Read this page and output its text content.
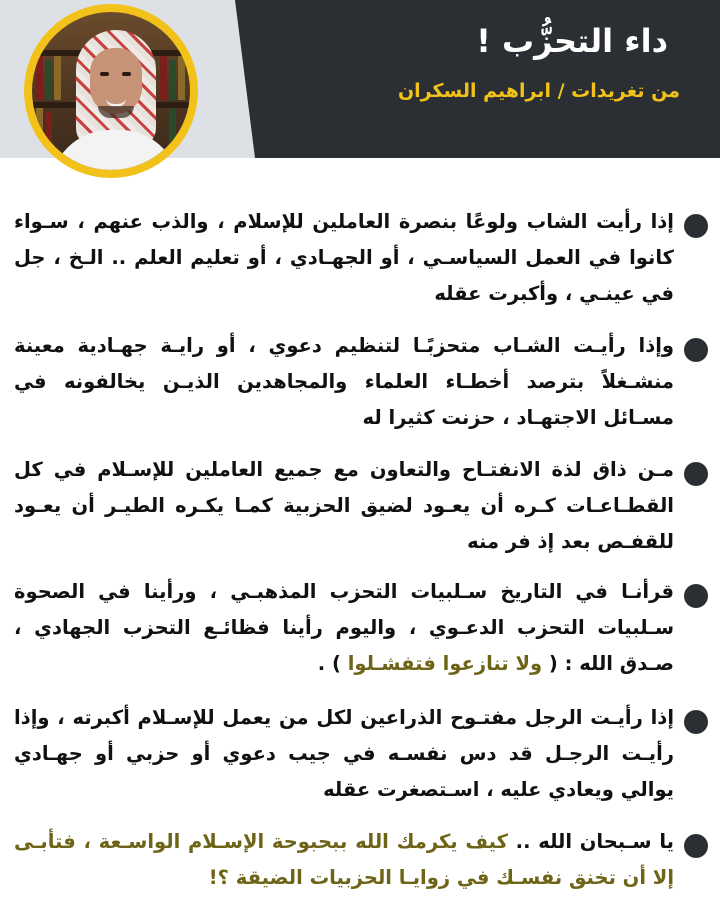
داء التحزُّب !
من تغريدات / ابراهيم السكران
إذا رأيت الشاب ولوعًا بنصرة العاملين للإسلام ، والذب عنهم ، سـواء كانوا في العمل السياسـي ، أو الجهـادي ، أو تعليم العلم .. الـخ ، جل في عينـي ، وأكبرت عقله
وإذا رأيـت الشـاب متحزبًـا لتنظيم دعوي ، أو رايـة جهـادية معينة منشـغلاً بترصد أخطـاء العلماء والمجاهدين الذيـن يخالفونه في مسـائل الاجتهـاد ، حزنت كثيرا له
مـن ذاق لذة الانفتـاح والتعاون مع جميع العاملين للإسـلام في كل القطـاعـات كـره أن يعـود لضيق الحزبية كمـا يكـره الطيـر أن يعـود للقفـص بعد إذ فر منه
قرأنـا في التاريخ سـلبيات التحزب المذهبـي ، ورأينا في الصحوة سـلبيات التحزب الدعـوي ، واليوم رأينا فظائـع التحزب الجهادي ، صـدق الله : ( ولا تنازعوا فتفشـلوا ) .
إذا رأيـت الرجل مفتـوح الذراعين لكل من يعمل للإسـلام أكبرته ، وإذا رأيـت الرجـل قد دس نفسـه في جيب دعوي أو حزبي أو جهـادي يوالي ويعادي عليه ، اسـتصغرت عقله
يا سـبحان الله .. كيف يكرمك الله ببحبوحة الإسـلام الواسـعة ، فتأبـى إلا أن تخنق نفسـك في زوايـا الحزبيات الضيقة ؟!
